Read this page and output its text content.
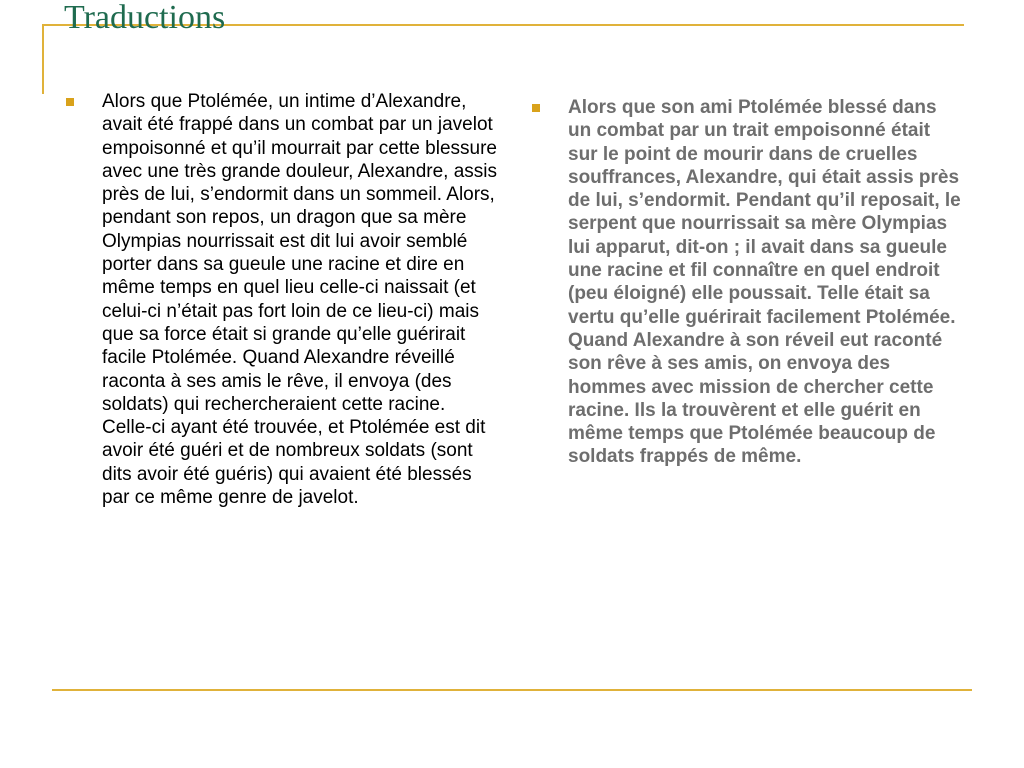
Traductions

Alors que Ptolémée, un intime d’Alexandre, avait été frappé dans un combat par un javelot empoisonné et qu’il mourrait par cette blessure avec une très grande douleur, Alexandre, assis près de lui, s’endormit dans un sommeil. Alors, pendant son repos, un dragon que sa mère Olympias nourrissait est dit lui avoir semblé porter dans sa gueule une racine et dire en même temps en quel lieu celle-ci naissait (et celui-ci n’était pas fort loin de ce lieu-ci) mais que sa force était si grande qu’elle guérirait facile Ptolémée. Quand Alexandre réveillé raconta à ses amis le rêve, il envoya (des soldats) qui rechercheraient cette racine. Celle-ci ayant été trouvée, et Ptolémée est dit avoir été guéri et de nombreux soldats (sont dits avoir été guéris) qui avaient été blessés par ce même genre de javelot.

Alors que son ami Ptolémée blessé dans un combat par un trait empoisonné était sur le point de mourir dans de cruelles souffrances, Alexandre, qui était assis près de lui, s’endormit. Pendant qu’il reposait, le serpent que nourrissait sa mère Olympias lui apparut, dit-on ; il avait dans sa gueule une racine et fil connaître en quel endroit (peu éloigné) elle poussait. Telle était sa vertu qu’elle guérirait facilement Ptolémée. Quand Alexandre à son réveil eut raconté son rêve à ses amis, on envoya des hommes avec mission de chercher cette racine. Ils la trouvèrent et elle guérit en même temps que Ptolémée beaucoup de soldats frappés de même.
